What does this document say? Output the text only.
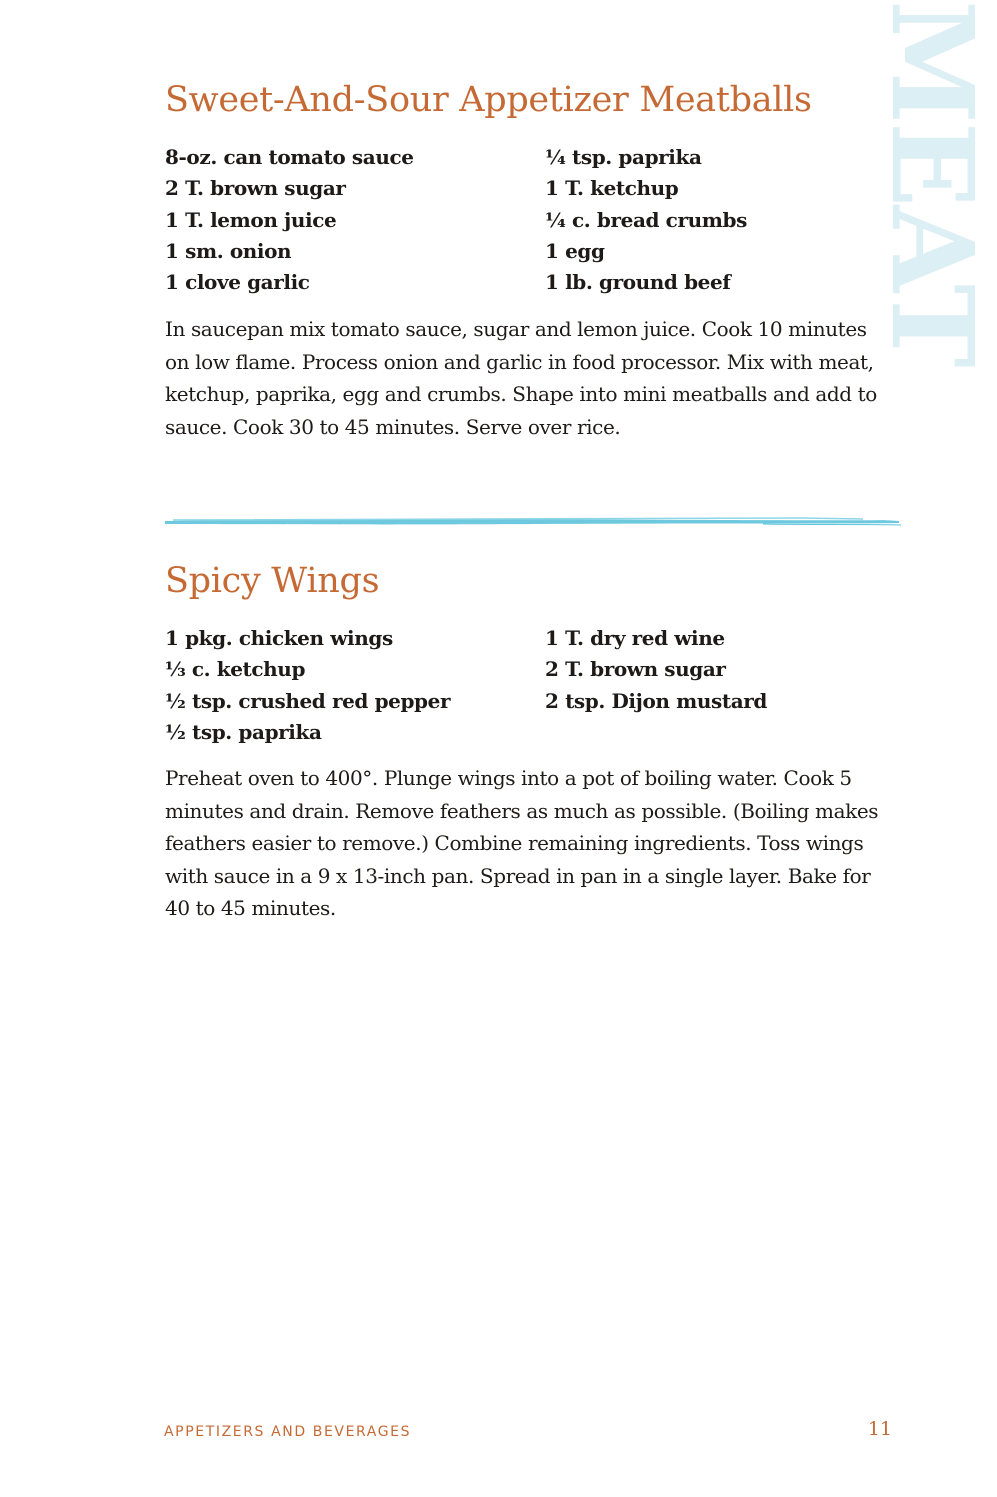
MEAT
Sweet-And-Sour Appetizer Meatballs
8-oz. can tomato sauce
2 T. brown sugar
1 T. lemon juice
1 sm. onion
1 clove garlic
¼ tsp. paprika
1 T. ketchup
¼ c. bread crumbs
1 egg
1 lb. ground beef

In saucepan mix tomato sauce, sugar and lemon juice. Cook 10 minutes on low flame. Process onion and garlic in food processor. Mix with meat, ketchup, paprika, egg and crumbs. Shape into mini meatballs and add to sauce. Cook 30 to 45 minutes. Serve over rice.

Spicy Wings
1 pkg. chicken wings
⅓ c. ketchup
½ tsp. crushed red pepper
½ tsp. paprika
1 T. dry red wine
2 T. brown sugar
2 tsp. Dijon mustard

Preheat oven to 400°. Plunge wings into a pot of boiling water. Cook 5 minutes and drain. Remove feathers as much as possible. (Boiling makes feathers easier to remove.) Combine remaining ingredients. Toss wings with sauce in a 9 x 13-inch pan. Spread in pan in a single layer. Bake for 40 to 45 minutes.

APPETIZERS AND BEVERAGES	11
